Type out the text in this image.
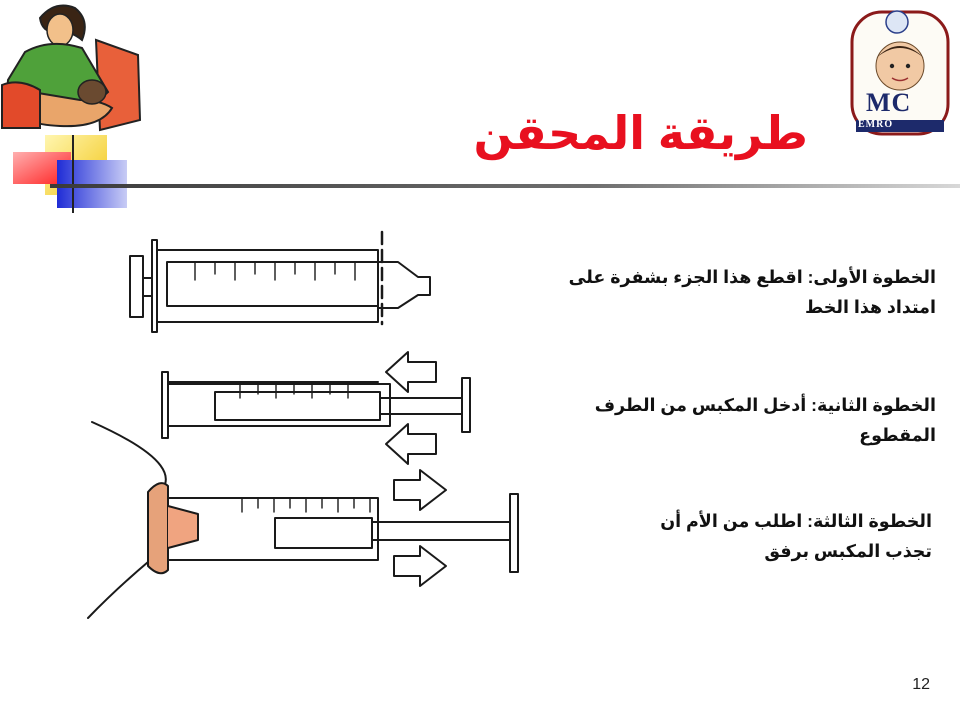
MC
EMRO
طريقة المحقن
الخطوة الأولى: اقطع هذا الجزء بشفرة على امتداد هذا الخط
الخطوة الثانية: أدخل المكبس من الطرف المقطوع
الخطوة الثالثة: اطلب من الأم أن تجذب المكبس برفق
12
